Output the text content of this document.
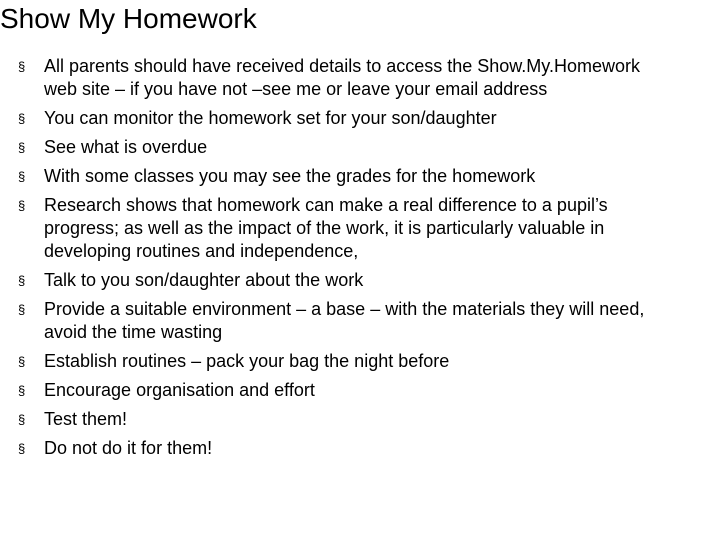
Show My Homework
§	All parents should have received details to access the Show.My.Homework web site – if you have not –see me or leave your email address
§	You can monitor the homework set for your son/daughter
§	See what is overdue
§	With some classes you may see the grades for the homework
§	Research shows that homework can make a real difference to a pupil’s progress; as well as the impact of the work, it is particularly valuable in developing routines and independence,
§	Talk to you son/daughter about the work
§	Provide a suitable environment – a base – with the materials they will need, avoid the time wasting
§	Establish routines – pack your bag the night before
§	Encourage organisation and effort
§	Test them!
§	Do not do it for them!
